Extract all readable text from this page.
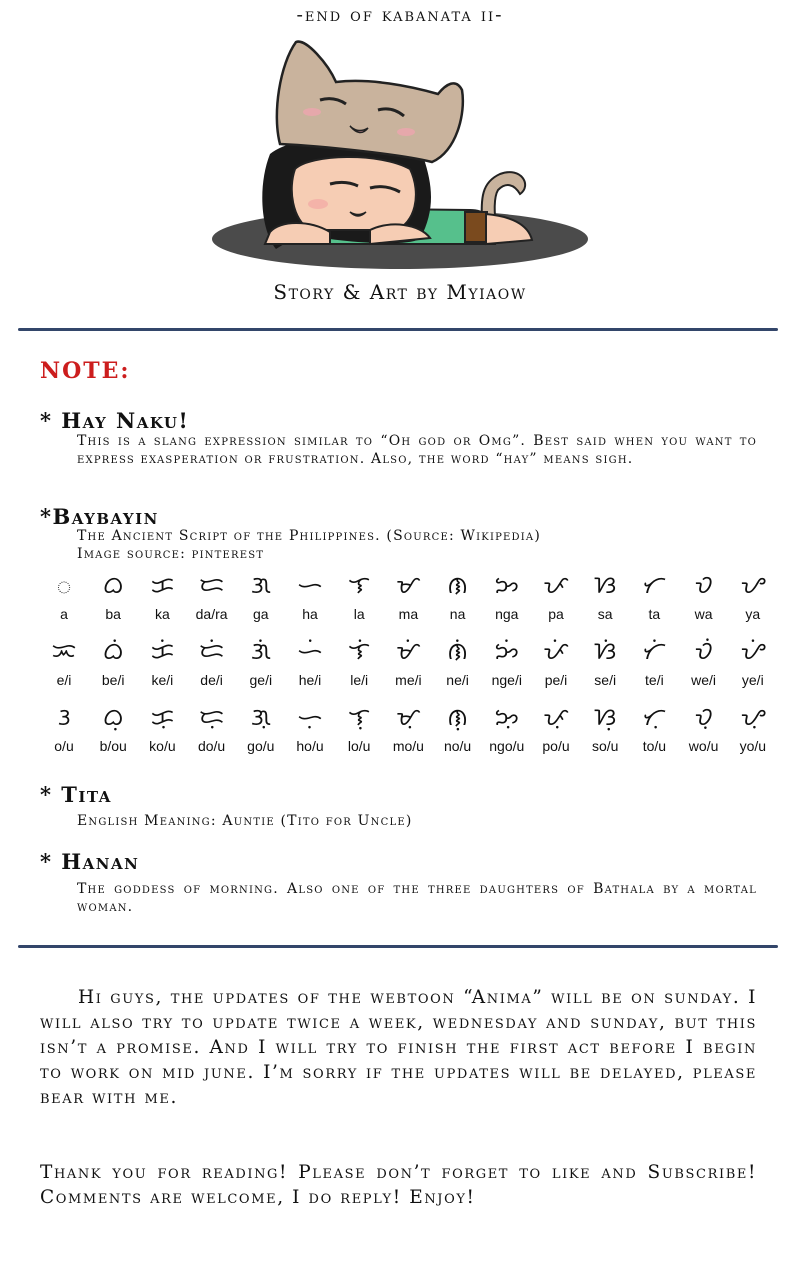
-end of kabanata ii-
Story & Art by Myiaow
NOTE:
* Hay Naku!
This is a slang expression similar to “Oh god or Omg”. Best said when you want to express exasperation or frustration. Also, the word “hay” means sigh.
*Baybayin
The Ancient Script of the Philippines. (Source: Wikipedia)
Image source: pinterest
ᜀ
a
ᜊ
ba
ᜃ
ka
ᜇ
da/ra
ᜄ
ga
ᜑ
ha
ᜎ
la
ᜋ
ma
ᜈ
na
ᜅ
nga
ᜉ
pa
ᜐ
sa
ᜆ
ta
ᜏ
wa
ᜌ
ya
ᜁ
e/i
ᜊᜒ
be/i
ᜃᜒ
ke/i
ᜇᜒ
de/i
ᜄᜒ
ge/i
ᜑᜒ
he/i
ᜎᜒ
le/i
ᜋᜒ
me/i
ᜈᜒ
ne/i
ᜅᜒ
nge/i
ᜉᜒ
pe/i
ᜐᜒ
se/i
ᜆᜒ
te/i
ᜏᜒ
we/i
ᜌᜒ
ye/i
ᜂ
o/u
ᜊᜓ
b/ou
ᜃᜓ
ko/u
ᜇᜓ
do/u
ᜄᜓ
go/u
ᜑᜓ
ho/u
ᜎᜓ
lo/u
ᜋᜓ
mo/u
ᜈᜓ
no/u
ᜅᜓ
ngo/u
ᜉᜓ
po/u
ᜐᜓ
so/u
ᜆᜓ
to/u
ᜏᜓ
wo/u
ᜌᜓ
yo/u
* Tita
English Meaning: Auntie (Tito for Uncle)
* Hanan
The goddess of morning. Also one of the three daughters of Bathala by a mortal woman.
Hi guys, the updates of the webtoon “Anima” will be on sunday. I will also try to update twice a week, wednesday and sunday, but this isn’t a promise. And I will try to finish the first act before I begin to work on mid june. I’m sorry if the updates will be delayed, please bear with me.
Thank you for reading! Please don’t forget to like and Subscribe! Comments are welcome, I do reply! Enjoy!
